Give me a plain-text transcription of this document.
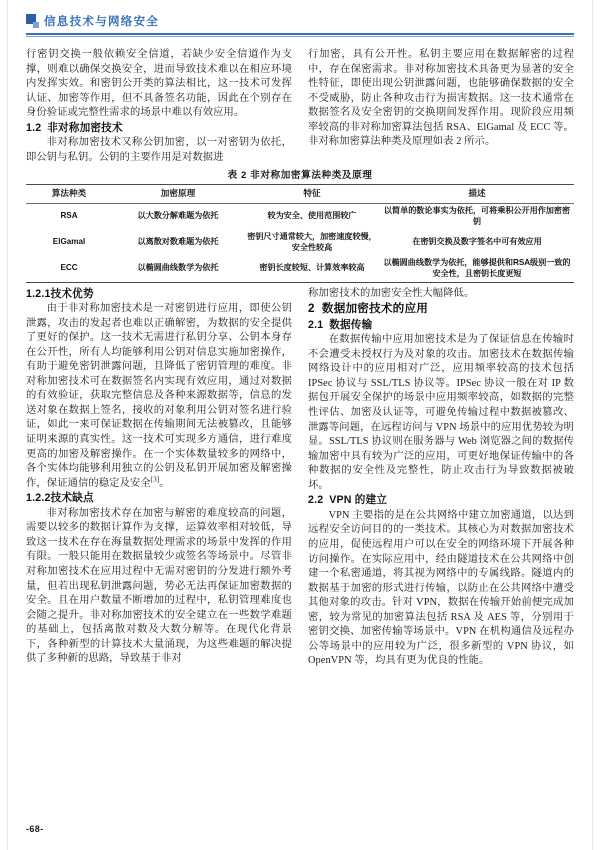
信息技术与网络安全

行密钥交换一般依赖安全信道，若缺少安全信道作为支撑，则难以确保交换安全，进而导致技术难以在相应环境内发挥实效。和密钥公开类的算法相比，这一技术可发挥认证、加密等作用，但不具备签名功能，因此在个别存在身份验证或完整性需求的场景中难以有效应用。

1.2 非对称加密技术

非对称加密技术又称公钥加密，以一对密钥为依托，即公钥与私钥。公钥的主要作用是对数据进

行加密，具有公开性。私钥主要应用在数据解密的过程中，存在保密需求。非对称加密技术具备更为显著的安全性特征，即使出现公钥泄露问题，也能够确保数据的安全不受威胁，防止各种攻击行为损害数据。这一技术通常在数据签名及安全密钥的交换期间发挥作用。现阶段应用频率较高的非对称加密算法包括 RSA、ElGamal 及 ECC 等。非对称加密算法种类及原理如表 2 所示。

表 2 非对称加密算法种类及原理
算法种类	加密原理	特征	描述
RSA	以大数分解难题为依托	较为安全、使用范围较广	以简单的数论事实为依托，可将乘积公开用作加密密钥
ElGamal	以离散对数难题为依托	密钥尺寸通常较大，加密速度较慢，安全性较高	在密钥交换及数字签名中可有效应用
ECC	以椭圆曲线数学为依托	密钥长度较短、计算效率较高	以椭圆曲线数学为依托，能够提供和RSA级别一致的安全性，且密钥长度更短
1.2.1技术优势

由于非对称加密技术是一对密钥进行应用，即使公钥泄露，攻击的发起者也难以正确解密，为数据的安全提供了更好的保护。这一技术无需进行私钥分享、公钥本身存在公开性，所有人均能够利用公钥对信息实施加密操作，有助于避免密钥泄露问题，且降低了密钥管理的难度。非对称加密技术可在数据签名内实现有效应用，通过对数据的有效验证，获取完整信息及各种来源数据等，信息的发送对象在数据上签名，接收的对象利用公钥对签名进行验证，如此一来可保证数据在传输期间无法被篡改，且能够证明来源的真实性。这一技术可实现多方通信，进行难度更高的加密及解密操作。在一个实体数量较多的网络中，各个实体均能够利用独立的公钥及私钥开展加密及解密操作，保证通信的稳定及安全[3]。

1.2.2技术缺点

非对称加密技术存在加密与解密的难度较高的问题，需要以较多的数据计算作为支撑，运算效率相对较低，导致这一技术在存在海量数据处理需求的场景中发挥的作用有限。一般只能用在数据量较少或签名等场景中。尽管非对称加密技术在应用过程中无需对密钥的分发进行额外考量，但若出现私钥泄露问题，势必无法再保证加密数据的安全。且在用户数量不断增加的过程中，私钥管理难度也会随之提升。非对称加密技术的安全建立在一些数学难题的基础上，包括离散对数及大数分解等。在现代化背景下，各种新型的计算技术大量涌现，为这些难题的解决提供了多种新的思路，导致基于非对

称加密技术的加密安全性大幅降低。

2 数据加密技术的应用
2.1 数据传输

在数据传输中应用加密技术是为了保证信息在传输时不会遭受未授权行为及对象的攻击。加密技术在数据传输网络设计中的应用相对广泛，应用频率较高的技术包括 IPSec 协议与 SSL/TLS 协议等。IPSec 协议一般在对 IP 数据包开展安全保护的场景中应用频率较高，如数据的完整性评估、加密及认证等，可避免传输过程中数据被篡改、泄露等问题，在远程访问与 VPN 场景中的应用优势较为明显。SSL/TLS 协议则在服务器与 Web 浏览器之间的数据传输加密中具有较为广泛的应用，可更好地保证传输中的各种数据的安全性及完整性，防止攻击行为导致数据被破坏。

2.2 VPN 的建立

VPN 主要指的是在公共网络中建立加密通道，以达到远程安全访问目的的一类技术。其核心为对数据加密技术的应用，促使远程用户可以在安全的网络环境下开展各种访问操作。在实际应用中，经由隧道技术在公共网络中创建一个私密通道，将其视为网络中的专属线路。隧道内的数据基于加密的形式进行传输，以防止在公共网络中遭受其他对象的攻击。针对 VPN，数据在传输开始前便完成加密，较为常见的加密算法包括 RSA 及 AES 等，分别用于密钥交换、加密传输等场景中。VPN 在机构通信及远程办公等场景中的应用较为广泛，很多新型的 VPN 协议，如 OpenVPN 等，均具有更为优良的性能。

-68-
